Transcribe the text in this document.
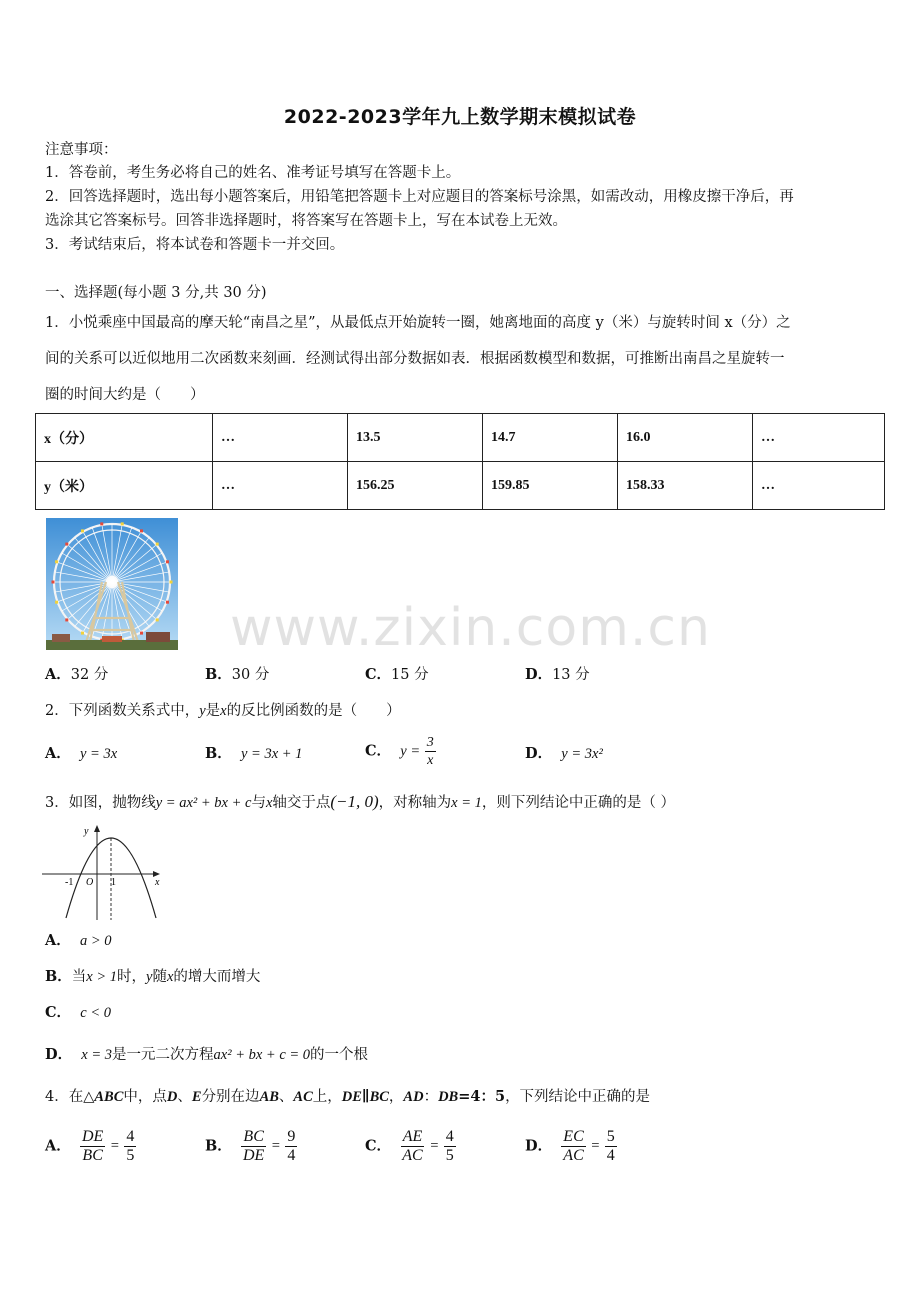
2022-2023学年九上数学期末模拟试卷
注意事项：
1．答卷前，考生务必将自己的姓名、准考证号填写在答题卡上。
2．回答选择题时，选出每小题答案后，用铅笔把答题卡上对应题目的答案标号涂黑，如需改动，用橡皮擦干净后，再
选涂其它答案标号。回答非选择题时，将答案写在答题卡上，写在本试卷上无效。
3．考试结束后，将本试卷和答题卡一并交回。
一、选择题(每小题 3 分,共 30 分)
1．小悦乘座中国最高的摩天轮“南昌之星”，从最低点开始旋转一圈，她离地面的高度 y（米）与旋转时间 x（分）之
间的关系可以近似地用二次函数来刻画．经测试得出部分数据如表．根据函数模型和数据，可推断出南昌之星旋转一
圈的时间大约是（　　）
x（分）	…	13.5	14.7	16.0	…
y（米）	…	156.25	159.85	158.33	…
www.zixin.com.cn
A．32 分	B．30 分	C．15 分	D．13 分
2．下列函数关系式中，y是x的反比例函数的是（　　）
A． y = 3x	B． y = 3x + 1	C． $y = \frac{3}{x}$	D． y = 3x²
3．如图，抛物线y = ax² + bx + c与x轴交于点(−1, 0)，对称轴为x = 1，则下列结论中正确的是（ ）
y
x
O
-1	1
A． a > 0
B．当x > 1时，y随x的增大而增大
C． c < 0
D． x = 3是一元二次方程ax² + bx + c = 0的一个根
4．在△ABC中，点D、E分别在边AB、AC上，DE∥BC，AD：DB=4：5，下列结论中正确的是
A． $\frac{DE}{BC} = \frac{4}{5}$	B． $\frac{BC}{DE} = \frac{9}{4}$	C． $\frac{AE}{AC} = \frac{4}{5}$	D． $\frac{EC}{AC} = \frac{5}{4}$
